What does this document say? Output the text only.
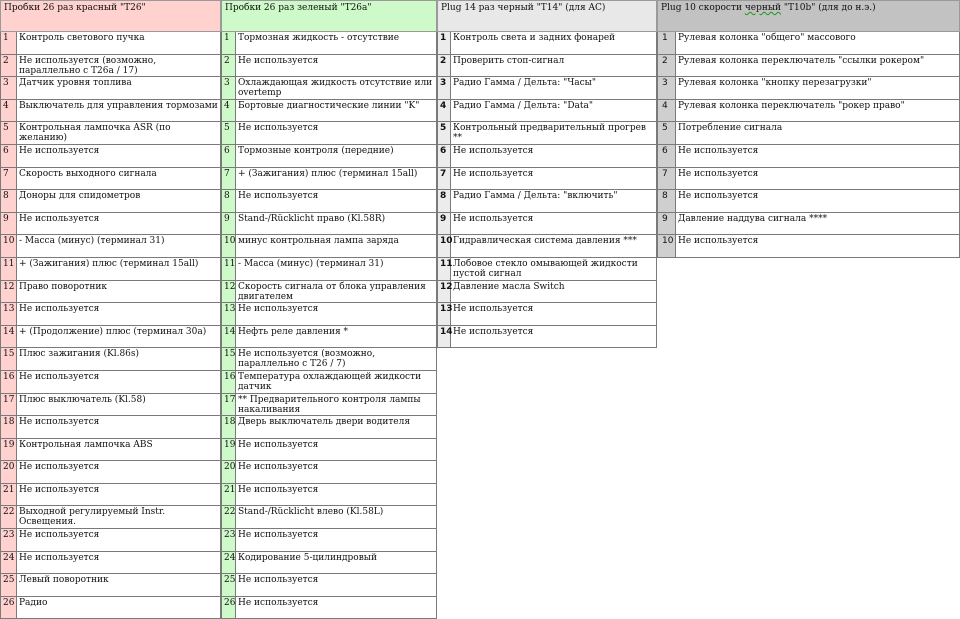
Пробки 26 раз красный "T26"
1	Контроль светового пучка
2	Не используется (возможно, параллельно с Т26а / 17)
3	Датчик уровня топлива
4	Выключатель для управления тормозами
5	Контрольная лампочка ASR (по желанию)
6	Не используется
7	Скорость выходного сигнала
8	Доноры для спидометров
9	Не используется
10 - Масса (минус) (терминал 31)
11 + (Зажигания) плюс (терминал 15all)
12 Право поворотник
13 Не используется
14 + (Продолжение) плюс (терминал 30a)
15 Плюс зажигания (Kl.86s)
16 Не используется
17 Плюс выключатель (Kl.58)
18 Не используется
19 Контрольная лампочка ABS
20 Не используется
21 Не используется
22 Выходной регулируемый Instr. Освещения.
23 Не используется
24 Не используется
25 Левый поворотник
26 Радио
Пробки 26 раз зеленый "T26a"
1 Тормозная жидкость - отсутствие
2 Не используется
3 Охлаждающая жидкость отсутствие или overtemp
4 Бортовые диагностические линии "K"
5 Не используется
6 Тормозные контроля (передние)
7 + (Зажигания) плюс (терминал 15all)
8 Не используется
9 Stand-/Rücklicht право (Kl.58R)
10 минус контрольная лампа заряда
11 - Масса (минус) (терминал 31)
12 Скорость сигнала от блока управления двигателем
13 Не используется
14 Нефть реле давления *
15 Не используется (возможно, параллельно с Т26 / 7)
16 Температура охлаждающей жидкости датчик
17 ** Предварительного контроля лампы накаливания
18 Дверь выключатель двери водителя
19 Не используется
20 Не используется
21 Не используется
22 Stand-/Rücklicht влево (Kl.58L)
23 Не используется
24 Кодирование 5-цилиндровый
25 Не используется
26 Не используется
Plug 14 раз черный "T14" (для AC)
1 Контроль света и задних фонарей
2 Проверить стоп-сигнал
3 Радио Гамма / Дельта: "Часы"
4 Радио Гамма / Дельта: "Data"
5 Контрольный предварительный прогрев **
6 Не используется
7 Не используется
8 Радио Гамма / Дельта: "включить"
9 Не используется
10 Гидравлическая система давления ***
11 Лобовое стекло омывающей жидкости пустой сигнал
12 Давление масла Switch
13 Не используется
14 Не используется
Plug 10 скорости черный "T10b" (для до н.э.)
1	Рулевая колонка "общего" массового
2	Рулевая колонка переключатель "ссылки рокером"
3	Рулевая колонка "кнопку перезагрузки"
4	Рулевая колонка переключатель "рокер право"
5	Потребление сигнала
6	Не используется
7	Не используется
8	Не используется
9	Давление наддува сигнала ****
10 Не используется
